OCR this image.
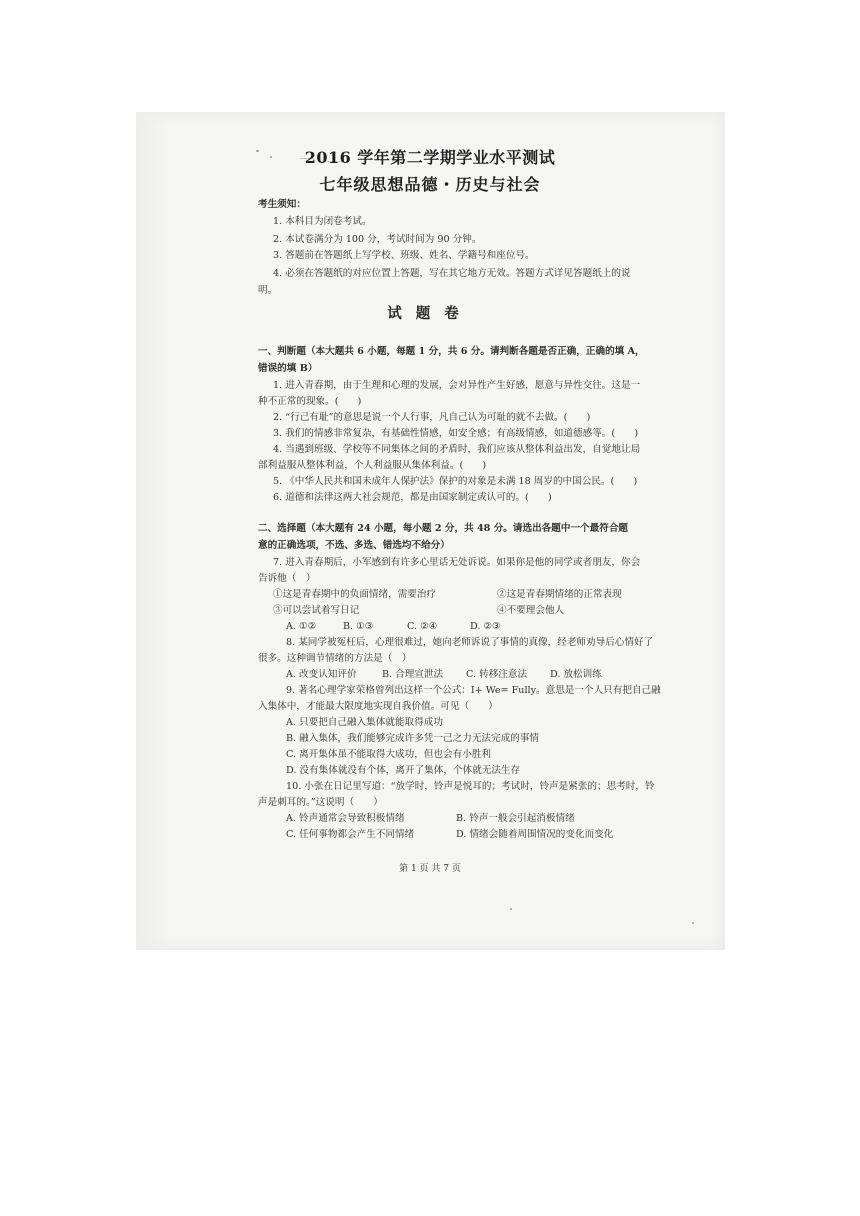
2016 学年第二学期学业水平测试
七年级思想品德・历史与社会
考生须知：
1. 本科目为闭卷考试。
2. 本试卷满分为 100 分，考试时间为 90 分钟。
3. 答题前在答题纸上写学校、班级、姓名、学籍号和座位号。
4. 必须在答题纸的对应位置上答题，写在其它地方无效。答题方式详见答题纸上的说
明。
试题卷
一、判断题（本大题共 6 小题，每题 1 分，共 6 分。请判断各题是否正确，正确的填 A，
错误的填 B）
1. 进入青春期，由于生理和心理的发展，会对异性产生好感，愿意与异性交往。这是一
种不正常的现象。(　　)
2. “行己有耻”的意思是说一个人行事，凡自己认为可耻的就不去做。(　　)
3. 我们的情感非常复杂，有基础性情感，如安全感；有高级情感，如道德感等。(　　)
4. 当遇到班级、学校等不同集体之间的矛盾时，我们应该从整体利益出发，自觉地让局
部利益服从整体利益，个人利益服从集体利益。(　　)
5. 《中华人民共和国未成年人保护法》保护的对象是未满 18 周岁的中国公民。(　　)
6. 道德和法律这两大社会规范，都是由国家制定或认可的。(　　)
二、选择题（本大题有 24 小题，每小题 2 分，共 48 分。请选出各题中一个最符合题
意的正确选项，不选、多选、错选均不给分）
7. 进入青春期后，小军感到有许多心里话无处诉说。如果你是他的同学或者朋友，你会
告诉他（　）
①这是青春期中的负面情绪，需要治疗	②这是青春期情绪的正常表现
③可以尝试着写日记	④不要理会他人
A. ①②	B. ①③	C. ②④	D. ②③
8. 某同学被冤枉后，心理很难过，她向老师诉说了事情的真像，经老师劝导后心情好了
很多。这种调节情绪的方法是（　）
A. 改变认知评价	B. 合理宣泄法 C. 转移注意法 D. 放松训练
9. 著名心理学家荣格曾列出这样一个公式：I+ We= Fully。意思是一个人只有把自己融
入集体中，才能最大限度地实现自我价值。可见（　　）
A. 只要把自己融入集体就能取得成功
B. 融入集体，我们能够完成许多凭一己之力无法完成的事情
C. 离开集体虽不能取得大成功，但也会有小胜利
D. 没有集体就没有个体，离开了集体，个体就无法生存
10. 小张在日记里写道：“放学时，铃声是悦耳的；考试时，铃声是紧张的；思考时，铃
声是刺耳的。”这说明（　　）
A. 铃声通常会导致积极情绪	B. 铃声一般会引起消极情绪
C. 任何事物都会产生不同情绪	D. 情绪会随着周围情况的变化而变化
第 1 页 共 7 页
